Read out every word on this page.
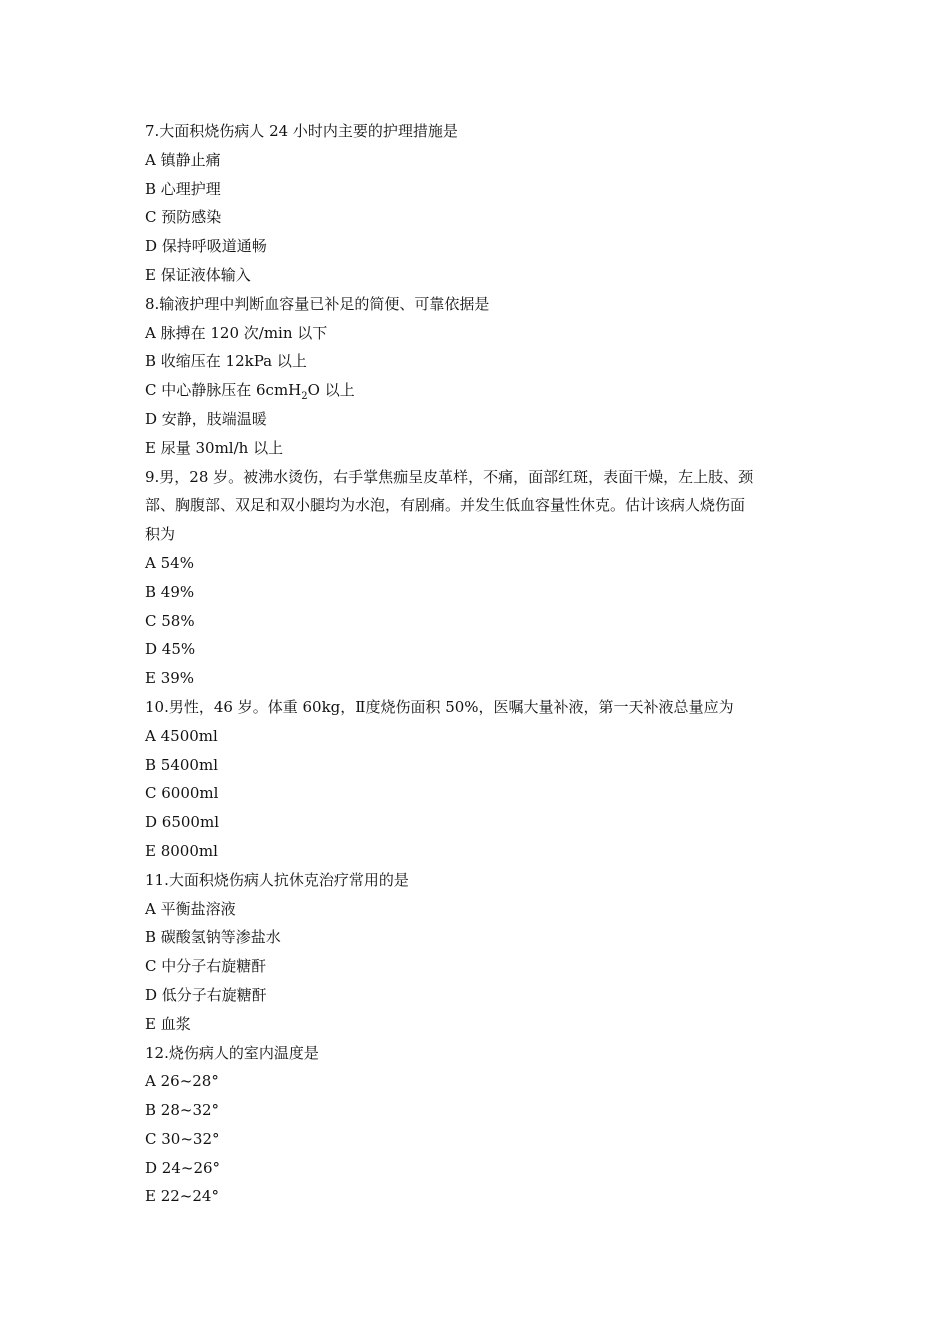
7.大面积烧伤病人 24 小时内主要的护理措施是
A 镇静止痛
B 心理护理
C 预防感染
D 保持呼吸道通畅
E 保证液体输入
8.输液护理中判断血容量已补足的简便、可靠依据是
A 脉搏在 120 次/min 以下
B 收缩压在 12kPa 以上
C 中心静脉压在 6cmH$_2$O 以上
D 安静，肢端温暖
E 尿量 30ml/h 以上
9.男，28 岁。被沸水烫伤，右手掌焦痂呈皮革样，不痛，面部红斑，表面干燥，左上肢、颈
部、胸腹部、双足和双小腿均为水泡，有剧痛。并发生低血容量性休克。估计该病人烧伤面
积为
A 54%
B 49%
C 58%
D 45%
E 39%
10.男性，46 岁。体重 60kg，Ⅱ度烧伤面积 50%，医嘱大量补液，第一天补液总量应为
A 4500ml
B 5400ml
C 6000ml
D 6500ml
E 8000ml
11.大面积烧伤病人抗休克治疗常用的是
A 平衡盐溶液
B 碳酸氢钠等渗盐水
C 中分子右旋糖酐
D 低分子右旋糖酐
E 血浆
12.烧伤病人的室内温度是
A 26~28°
B 28~32°
C 30~32°
D 24~26°
E 22~24°
